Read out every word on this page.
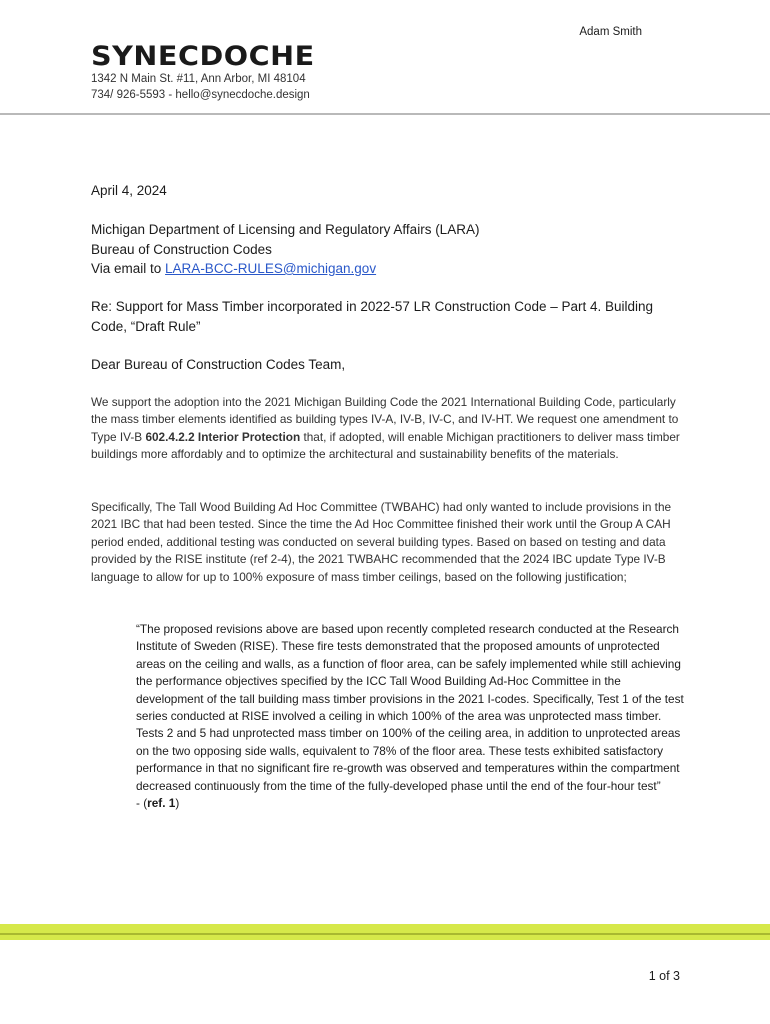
Adam Smith
SYNECDOCHE
1342 N Main St. #11, Ann Arbor, MI 48104
734/ 926-5593 - hello@synecdoche.design
April 4, 2024
Michigan Department of Licensing and Regulatory Affairs (LARA)
Bureau of Construction Codes
Via email to LARA-BCC-RULES@michigan.gov
Re: Support for Mass Timber incorporated in 2022-57 LR Construction Code – Part 4. Building Code, “Draft Rule”
Dear Bureau of Construction Codes Team,
We support the adoption into the 2021 Michigan Building Code the 2021 International Building Code, particularly the mass timber elements identified as building types IV-A, IV-B, IV-C, and IV-HT. We request one amendment to Type IV-B 602.4.2.2 Interior Protection that, if adopted, will enable Michigan practitioners to deliver mass timber buildings more affordably and to optimize the architectural and sustainability benefits of the materials.
Specifically, The Tall Wood Building Ad Hoc Committee (TWBAHC) had only wanted to include provisions in the 2021 IBC that had been tested. Since the time the Ad Hoc Committee finished their work until the Group A CAH period ended, additional testing was conducted on several building types. Based on based on testing and data provided by the RISE institute (ref 2-4), the 2021 TWBAHC recommended that the 2024 IBC update Type IV-B language to allow for up to 100% exposure of mass timber ceilings, based on the following justification;
“The proposed revisions above are based upon recently completed research conducted at the Research Institute of Sweden (RISE). These fire tests demonstrated that the proposed amounts of unprotected areas on the ceiling and walls, as a function of floor area, can be safely implemented while still achieving the performance objectives specified by the ICC Tall Wood Building Ad-Hoc Committee in the development of the tall building mass timber provisions in the 2021 I-codes. Specifically, Test 1 of the test series conducted at RISE involved a ceiling in which 100% of the area was unprotected mass timber. Tests 2 and 5 had unprotected mass timber on 100% of the ceiling area, in addition to unprotected areas on the two opposing side walls, equivalent to 78% of the floor area. These tests exhibited satisfactory performance in that no significant fire re-growth was observed and temperatures within the compartment decreased continuously from the time of the fully-developed phase until the end of the four-hour test”
- (ref. 1)
1 of 3
